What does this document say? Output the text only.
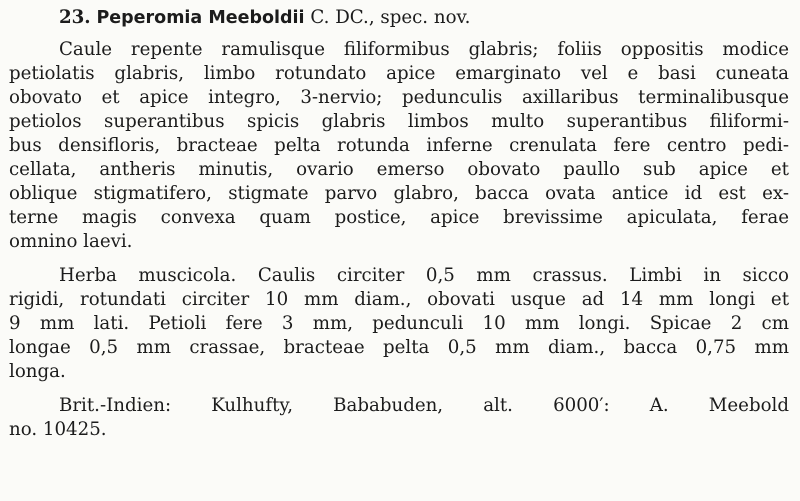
23. Peperomia Meeboldii C. DC., spec. nov.
Caule repente ramulisque filiformibus glabris; foliis oppositis modice
petiolatis glabris, limbo rotundato apice emarginato vel e basi cuneata
obovato et apice integro, 3-nervio; pedunculis axillaribus terminalibusque
petiolos superantibus spicis glabris limbos multo superantibus filiformi-
bus densifloris, bracteae pelta rotunda inferne crenulata fere centro pedi-
cellata, antheris minutis, ovario emerso obovato paullo sub apice et
oblique stigmatifero, stigmate parvo glabro, bacca ovata antice id est ex-
terne magis convexa quam postice, apice brevissime apiculata, ferae
omnino laevi.
Herba muscicola. Caulis circiter 0,5 mm crassus. Limbi in sicco
rigidi, rotundati circiter 10 mm diam., obovati usque ad 14 mm longi et
9 mm lati. Petioli fere 3 mm, pedunculi 10 mm longi. Spicae 2 cm
longae 0,5 mm crassae, bracteae pelta 0,5 mm diam., bacca 0,75 mm
longa.
Brit.-Indien: Kulhufty, Bababuden, alt. 6000′: A. Meebold
no. 10425.
